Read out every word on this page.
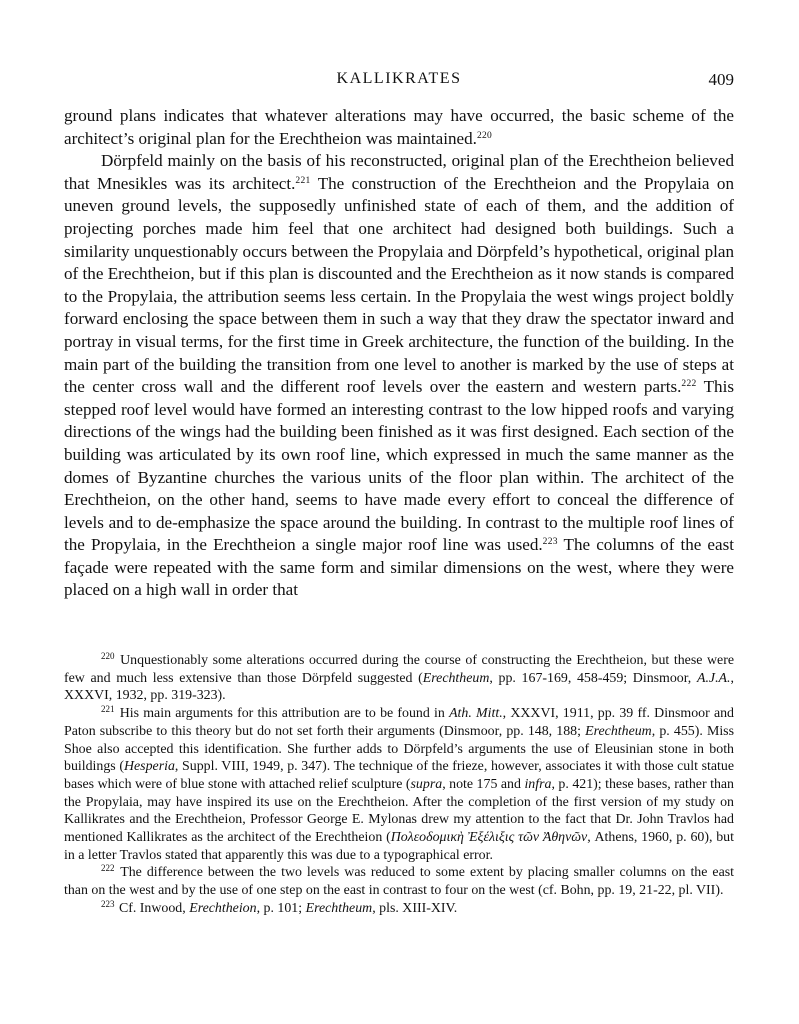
KALLIKRATES	409

ground plans indicates that whatever alterations may have occurred, the basic scheme of the architect’s original plan for the Erechtheion was maintained.$^{220}$

Dörpfeld mainly on the basis of his reconstructed, original plan of the Erechtheion believed that Mnesikles was its architect.$^{221}$ The construction of the Erechtheion and the Propylaia on uneven ground levels, the supposedly unfinished state of each of them, and the addition of projecting porches made him feel that one architect had designed both buildings. Such a similarity unquestionably occurs between the Propylaia and Dörpfeld’s hypothetical, original plan of the Erechtheion, but if this plan is discounted and the Erechtheion as it now stands is compared to the Propylaia, the attribution seems less certain. In the Propylaia the west wings project boldly forward enclosing the space between them in such a way that they draw the spectator inward and portray in visual terms, for the first time in Greek architecture, the function of the building. In the main part of the building the transition from one level to another is marked by the use of steps at the center cross wall and the different roof levels over the eastern and western parts.$^{222}$ This stepped roof level would have formed an interesting contrast to the low hipped roofs and varying directions of the wings had the building been finished as it was first designed. Each section of the building was articulated by its own roof line, which expressed in much the same manner as the domes of Byzantine churches the various units of the floor plan within. The architect of the Erechtheion, on the other hand, seems to have made every effort to conceal the difference of levels and to de-emphasize the space around the building. In contrast to the multiple roof lines of the Propylaia, in the Erechtheion a single major roof line was used.$^{223}$ The columns of the east façade were repeated with the same form and similar dimensions on the west, where they were placed on a high wall in order that

$^{220}$ Unquestionably some alterations occurred during the course of constructing the Erechtheion, but these were few and much less extensive than those Dörpfeld suggested (Erechtheum, pp. 167-169, 458-459; Dinsmoor, A.J.A., XXXVI, 1932, pp. 319-323).

$^{221}$ His main arguments for this attribution are to be found in Ath. Mitt., XXXVI, 1911, pp. 39 ff. Dinsmoor and Paton subscribe to this theory but do not set forth their arguments (Dinsmoor, pp. 148, 188; Erechtheum, p. 455). Miss Shoe also accepted this identification. She further adds to Dörpfeld’s arguments the use of Eleusinian stone in both buildings (Hesperia, Suppl. VIII, 1949, p. 347). The technique of the frieze, however, associates it with those cult statue bases which were of blue stone with attached relief sculpture (supra, note 175 and infra, p. 421); these bases, rather than the Propylaia, may have inspired its use on the Erechtheion. After the completion of the first version of my study on Kallikrates and the Erechtheion, Professor George E. Mylonas drew my attention to the fact that Dr. John Travlos had mentioned Kallikrates as the architect of the Erechtheion (Πολεοδομικὴ Ἐξέλιξις τῶν Ἀθηνῶν, Athens, 1960, p. 60), but in a letter Travlos stated that apparently this was due to a typographical error.

$^{222}$ The difference between the two levels was reduced to some extent by placing smaller columns on the east than on the west and by the use of one step on the east in contrast to four on the west (cf. Bohn, pp. 19, 21-22, pl. VII).

$^{223}$ Cf. Inwood, Erechtheion, p. 101; Erechtheum, pls. XIII-XIV.
